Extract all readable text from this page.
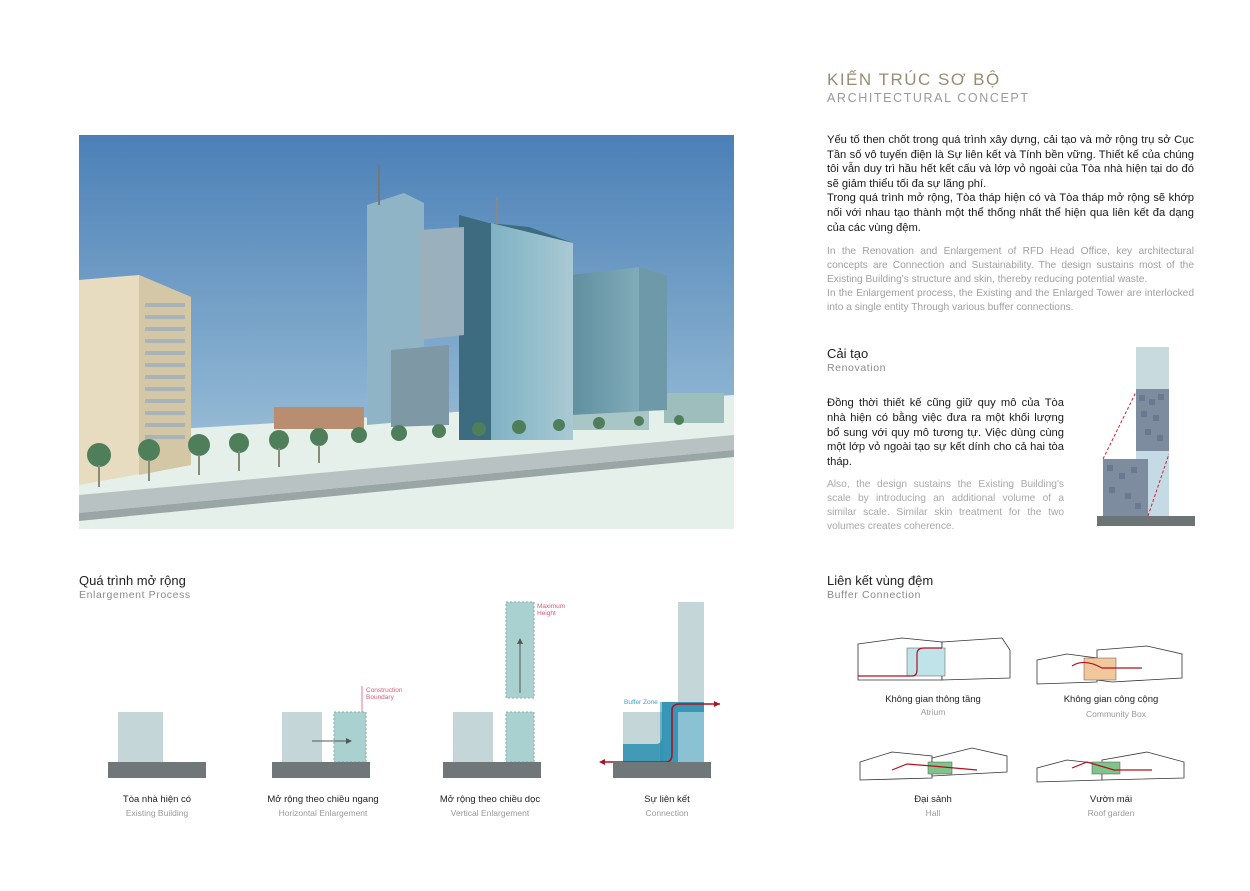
KIẾN TRÚC SƠ BỘ
ARCHITECTURAL CONCEPT
Yếu tố then chốt trong quá trình xây dựng, cải tạo và mở rộng trụ sở Cục Tần số vô tuyến điện là Sự liên kết và Tính bền vững. Thiết kế của chúng tôi vẫn duy trì hầu hết kết cấu và lớp vỏ ngoài của Tòa nhà hiện tại do đó sẽ giảm thiểu tối đa sự lãng phí.
Trong quá trình mở rộng, Tòa tháp hiện có và Tòa tháp mở rộng sẽ khớp nối với nhau tạo thành một thể thống nhất thể hiện qua liên kết đa dạng của các vùng đệm.
In the Renovation and Enlargement of RFD Head Office, key architectural concepts are Connection and Sustainability. The design sustains most of the Existing Building's structure and skin, thereby reducing potential waste.
In the Enlargement process, the Existing and the Enlarged Tower are interlocked into a single entity Through various buffer connections.
Cải tạo
Renovation
Đồng thời thiết kế cũng giữ quy mô của Tòa nhà hiện có bằng việc đưa ra một khối lượng bổ sung với quy mô tương tự. Việc dùng cùng một lớp vỏ ngoài tạo sự kết dính cho cả hai tòa tháp.
Also, the design sustains the Existing Building's scale by introducing an additional volume of a similar scale. Similar skin treatment for the two volumes creates coherence.
Quá trình mở rộng
Enlargement Process
Construction Boundary
Maximum Height
Buffer Zone
Tòa nhà hiện có
Existing Building
Mở rộng theo chiều ngang
Horizontal Enlargement
Mở rộng theo chiều dọc
Vertical Enlargement
Sự liên kết
Connection
Liên kết vùng đệm
Buffer Connection
Không gian thông tầng
Atrium
Không gian công cộng
Community Box
Đại sảnh
Hall
Vườn mái
Roof garden
